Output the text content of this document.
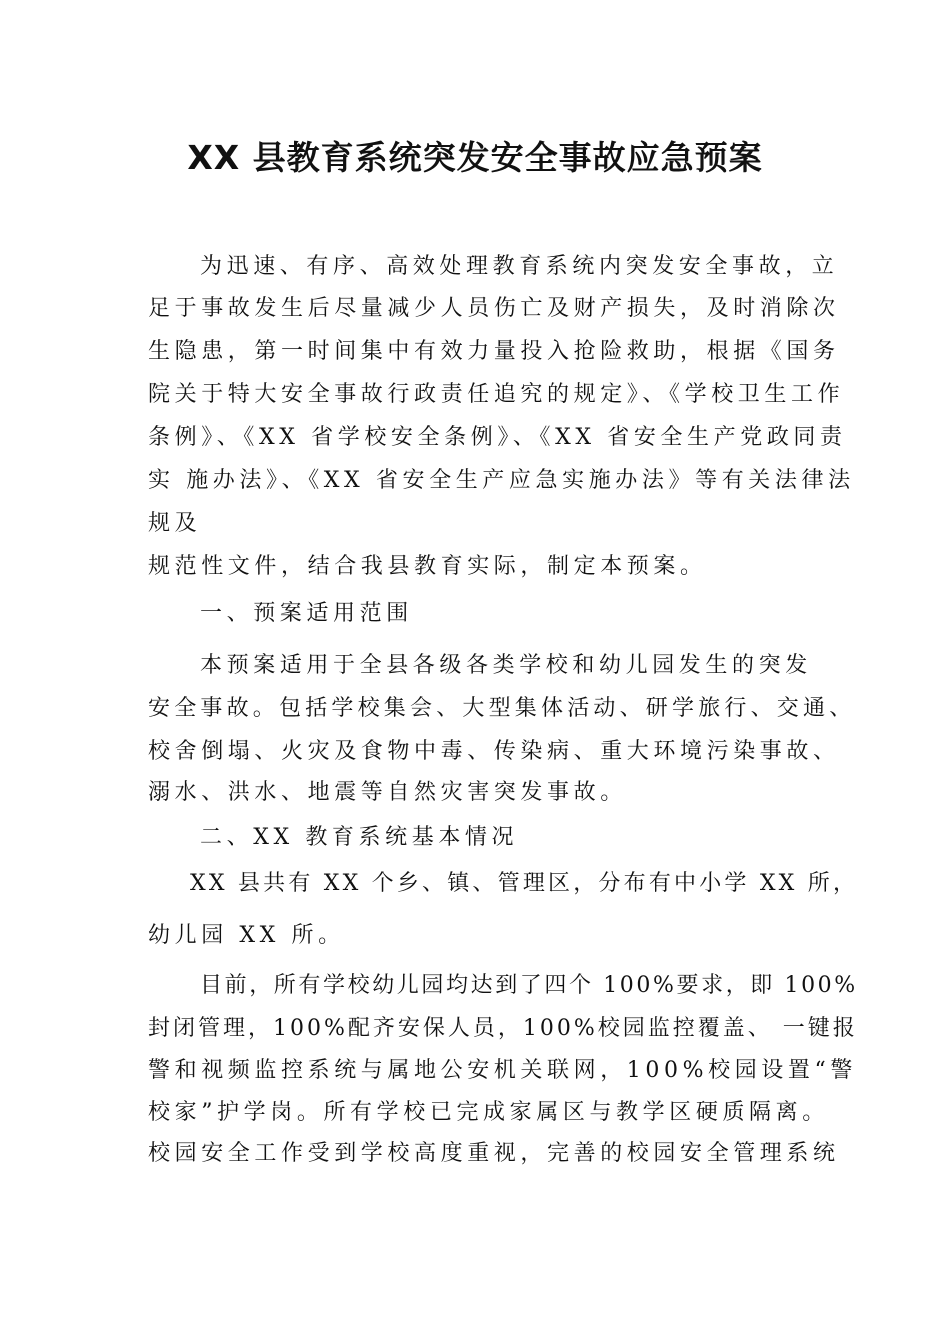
XX 县教育系统突发安全事故应急预案
为迅速、有序、高效处理教育系统内突发安全事故，立
足于事故发生后尽量减少人员伤亡及财产损失，及时消除次
生隐患，第一时间集中有效力量投入抢险救助，根据《国务
院关于特大安全事故行政责任追究的规定》、《学校卫生工作
条例》、《XX 省学校安全条例》、《XX 省安全生产党政同责
实 施办法》、《XX 省安全生产应急实施办法》等有关法律法
规及
规范性文件，结合我县教育实际，制定本预案。
一、预案适用范围
本预案适用于全县各级各类学校和幼儿园发生的突发
安全事故。包括学校集会、大型集体活动、研学旅行、交通、
校舍倒塌、火灾及食物中毒、传染病、重大环境污染事故、
溺水、洪水、地震等自然灾害突发事故。
二、XX 教育系统基本情况
XX 县共有 XX 个乡、镇、管理区，分布有中小学 XX 所，
幼儿园 XX 所。
目前，所有学校幼儿园均达到了四个 100%要求，即 100%
封闭管理，100%配齐安保人员，100%校园监控覆盖、 一键报
警和视频监控系统与属地公安机关联网，100%校园设置“警
校家”护学岗。所有学校已完成家属区与教学区硬质隔离。
校园安全工作受到学校高度重视，完善的校园安全管理系统
